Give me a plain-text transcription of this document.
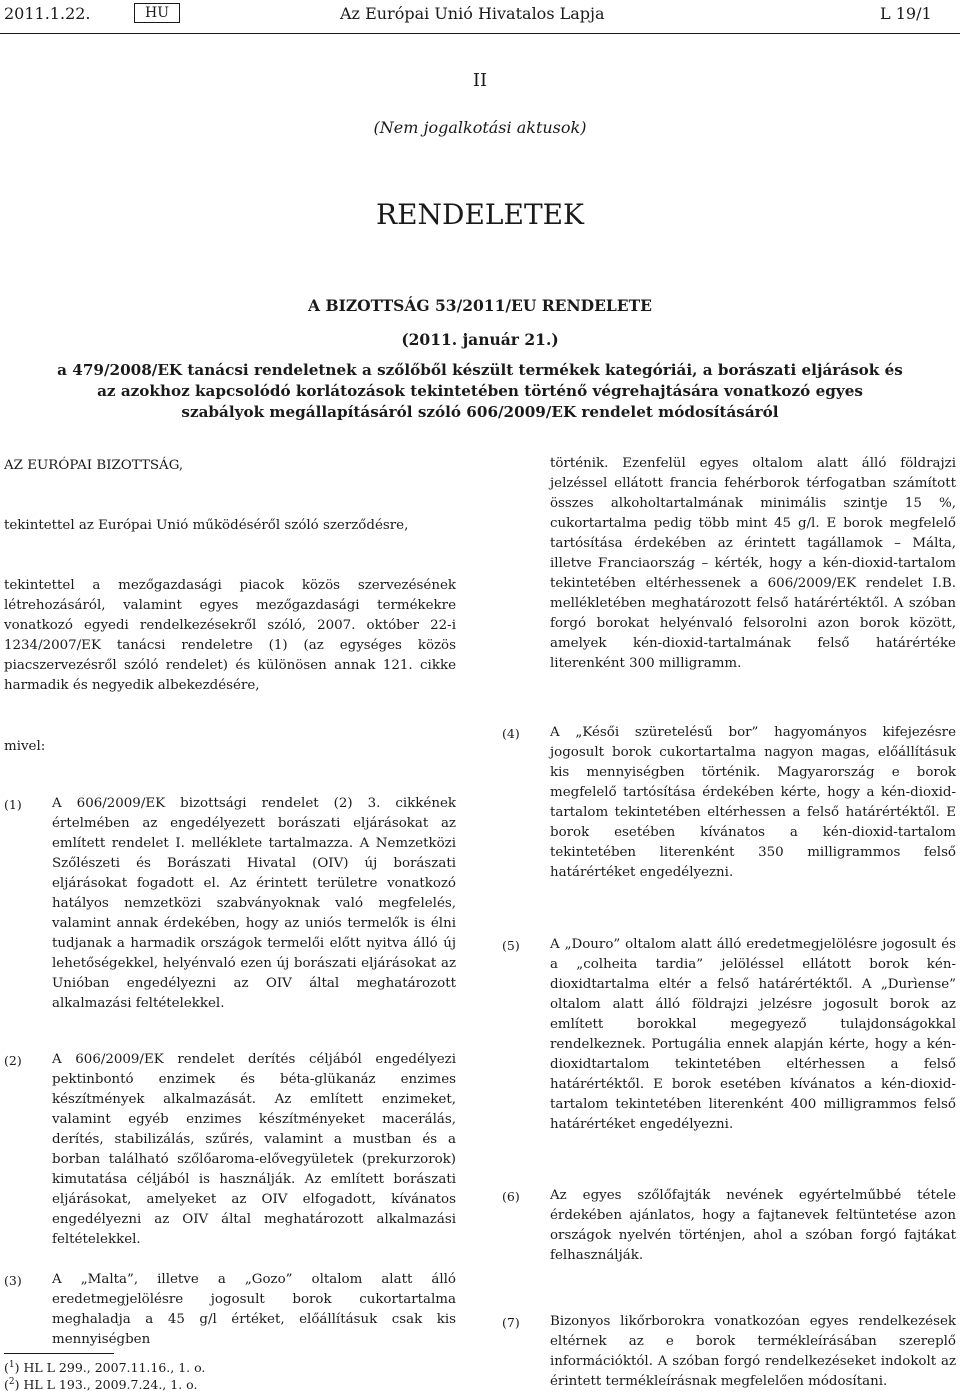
2011.1.22.	HU	Az Európai Unió Hivatalos Lapja	L 19/1
II
(Nem jogalkotási aktusok)
RENDELETEK
A BIZOTTSÁG 53/2011/EU RENDELETE
(2011. január 21.)
a 479/2008/EK tanácsi rendeletnek a szőlőből készült termékek kategóriái, a borászati eljárások és
az azokhoz kapcsolódó korlátozások tekintetében történő végrehajtására vonatkozó egyes
szabályok megállapításáról szóló 606/2009/EK rendelet módosításáról
AZ EURÓPAI BIZOTTSÁG,
tekintettel az Európai Unió működéséről szóló szerződésre,
tekintettel a mezőgazdasági piacok közös szervezésének létrehozásáról, valamint egyes mezőgazdasági termékekre vonatkozó egyedi rendelkezésekről szóló, 2007. október 22-i 1234/2007/EK tanácsi rendeletre (1) (az egységes közös piacszervezésről szóló rendelet) és különösen annak 121. cikke harmadik és negyedik albekezdésére,
mivel:
(1) A 606/2009/EK bizottsági rendelet (2) 3. cikkének értelmében az engedélyezett borászati eljárásokat az említett rendelet I. melléklete tartalmazza. A Nemzetközi Szőlészeti és Borászati Hivatal (OIV) új borászati eljárásokat fogadott el. Az érintett területre vonatkozó hatályos nemzetközi szabványoknak való megfelelés, valamint annak érdekében, hogy az uniós termelők is élni tudjanak a harmadik országok termelői előtt nyitva álló új lehetőségekkel, helyénvaló ezen új borászati eljárásokat az Unióban engedélyezni az OIV által meghatározott alkalmazási feltételekkel.
(2) A 606/2009/EK rendelet derítés céljából engedélyezi pektinbontó enzimek és béta-glükanáz enzimes készítmények alkalmazását. Az említett enzimeket, valamint egyéb enzimes készítményeket macerálás, derítés, stabilizálás, szűrés, valamint a mustban és a borban található szőlőaroma-elővegyületek (prekurzorok) kimutatása céljából is használják. Az említett borászati eljárásokat, amelyeket az OIV elfogadott, kívánatos engedélyezni az OIV által meghatározott alkalmazási feltételekkel.
(3) A „Malta”, illetve a „Gozo” oltalom alatt álló eredetmegjelölésre jogosult borok cukortartalma meghaladja a 45 g/l értéket, előállításuk csak kis mennyiségben
($^1$) HL L 299., 2007.11.16., 1. o.
($^2$) HL L 193., 2009.7.24., 1. o.
történik. Ezenfelül egyes oltalom alatt álló földrajzi jelzéssel ellátott francia fehérborok térfogatban számított összes alkoholtartalmának minimális szintje 15 %, cukortartalma pedig több mint 45 g/l. E borok megfelelő tartósítása érdekében az érintett tagállamok – Málta, illetve Franciaország – kérték, hogy a kén-dioxid-tartalom tekintetében eltérhessenek a 606/2009/EK rendelet I.B. mellékletében meghatározott felső határértéktől. A szóban forgó borokat helyénvaló felsorolni azon borok között, amelyek kén-dioxid-tartalmának felső határértéke literenként 300 milligramm.
(4) A „Késői szüretelésű bor” hagyományos kifejezésre jogosult borok cukortartalma nagyon magas, előállításuk kis mennyiségben történik. Magyarország e borok megfelelő tartósítása érdekében kérte, hogy a kén-dioxid-tartalom tekintetében eltérhessen a felső határértéktől. E borok esetében kívánatos a kén-dioxid-tartalom tekintetében literenként 350 milligrammos felső határértéket engedélyezni.
(5) A „Douro” oltalom alatt álló eredetmegjelölésre jogosult és a „colheita tardia” jelöléssel ellátott borok kén-dioxidtartalma eltér a felső határértéktől. A „Durìense” oltalom alatt álló földrajzi jelzésre jogosult borok az említett borokkal megegyező tulajdonságokkal rendelkeznek. Portugália ennek alapján kérte, hogy a kén-dioxidtartalom tekintetében eltérhessen a felső határértéktől. E borok esetében kívánatos a kén-dioxid-tartalom tekintetében literenként 400 milligrammos felső határértéket engedélyezni.
(6) Az egyes szőlőfajták nevének egyértelműbbé tétele érdekében ajánlatos, hogy a fajtanevek feltüntetése azon országok nyelvén történjen, ahol a szóban forgó fajtákat felhasználják.
(7) Bizonyos likőrborokra vonatkozóan egyes rendelkezések eltérnek az e borok termékleírásában szereplő információktól. A szóban forgó rendelkezéseket indokolt az érintett termékleírásnak megfelelően módosítani.
